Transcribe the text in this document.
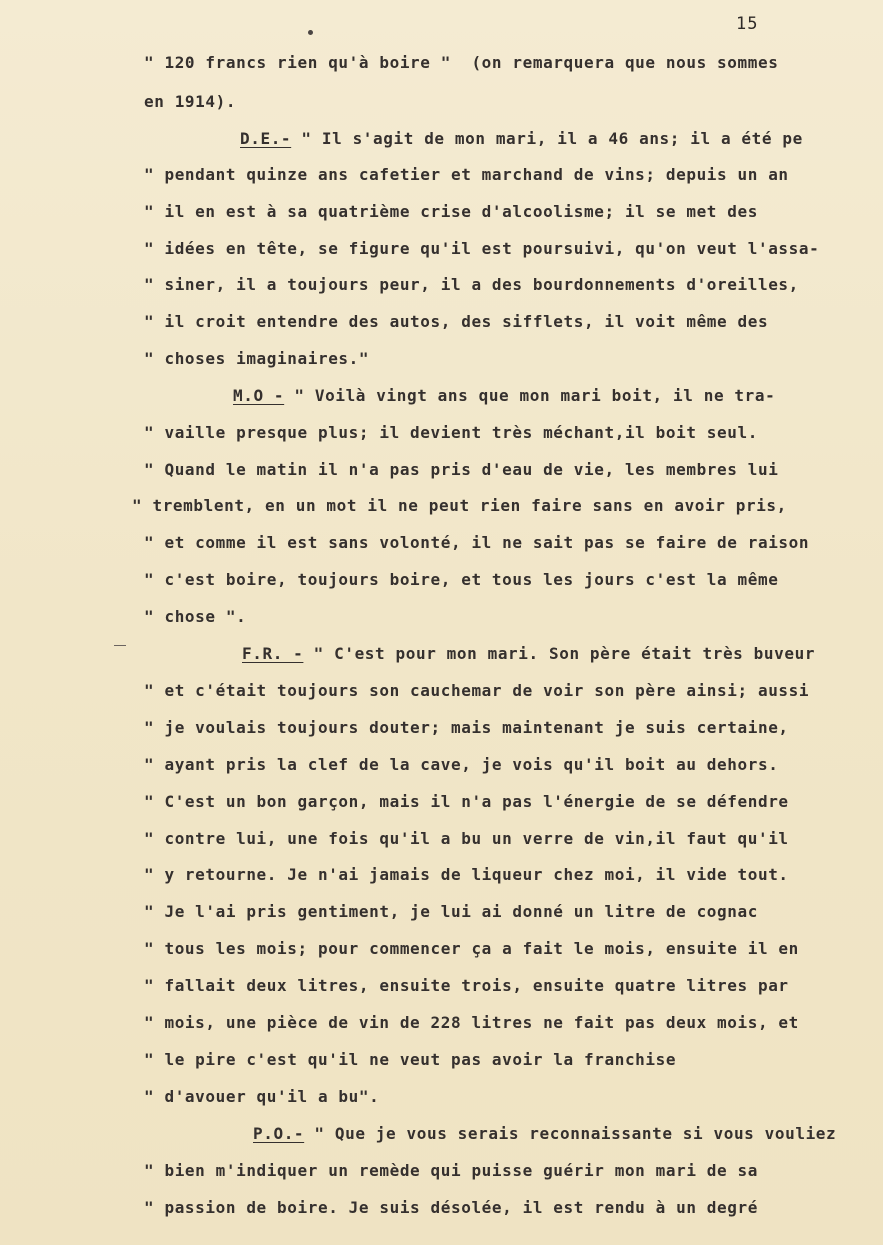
15
" 120 francs rien qu'à boire "  (on remarquera que nous sommes
en 1914).
D.E.- " Il s'agit de mon mari, il a 46 ans; il a été pe
" pendant quinze ans cafetier et marchand de vins; depuis un an
" il en est à sa quatrième crise d'alcoolisme; il se met des
" idées en tête, se figure qu'il est poursuivi, qu'on veut l'assa-
" siner, il a toujours peur, il a des bourdonnements d'oreilles,
" il croit entendre des autos, des sifflets, il voit même des
" choses imaginaires."
M.O - " Voilà vingt ans que mon mari boit, il ne tra-
" vaille presque plus; il devient très méchant,il boit seul.
" Quand le matin il n'a pas pris d'eau de vie, les membres lui
" tremblent, en un mot il ne peut rien faire sans en avoir pris,
" et comme il est sans volonté, il ne sait pas se faire de raison
" c'est boire, toujours boire, et tous les jours c'est la même
" chose ".
F.R. - " C'est pour mon mari. Son père était très buveur
" et c'était toujours son cauchemar de voir son père ainsi; aussi
" je voulais toujours douter; mais maintenant je suis certaine,
" ayant pris la clef de la cave, je vois qu'il boit au dehors.
" C'est un bon garçon, mais il n'a pas l'énergie de se défendre
" contre lui, une fois qu'il a bu un verre de vin,il faut qu'il
" y retourne. Je n'ai jamais de liqueur chez moi, il vide tout.
" Je l'ai pris gentiment, je lui ai donné un litre de cognac
" tous les mois; pour commencer ça a fait le mois, ensuite il en
" fallait deux litres, ensuite trois, ensuite quatre litres par
" mois, une pièce de vin de 228 litres ne fait pas deux mois, et
" le pire c'est qu'il ne veut pas avoir la franchise
" d'avouer qu'il a bu".
P.O.- " Que je vous serais reconnaissante si vous vouliez
" bien m'indiquer un remède qui puisse guérir mon mari de sa
" passion de boire. Je suis désolée, il est rendu à un degré
